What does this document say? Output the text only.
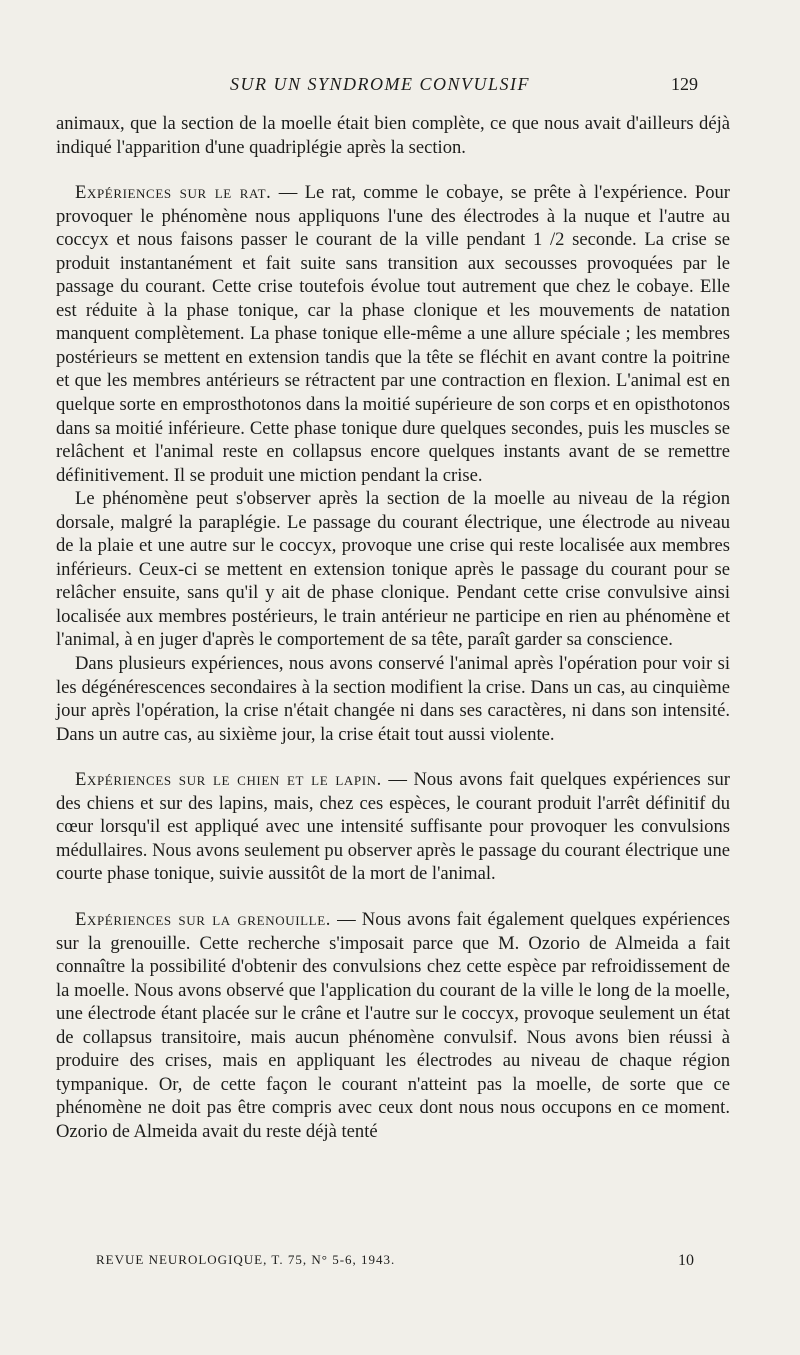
SUR UN SYNDROME CONVULSIF	129

animaux, que la section de la moelle était bien complète, ce que nous avait d'ailleurs déjà indiqué l'apparition d'une quadriplégie après la section.

Expériences sur le rat. — Le rat, comme le cobaye, se prête à l'expérience. Pour provoquer le phénomène nous appliquons l'une des électrodes à la nuque et l'autre au coccyx et nous faisons passer le courant de la ville pendant 1 /2 seconde. La crise se produit instantanément et fait suite sans transition aux secousses provoquées par le passage du courant. Cette crise toutefois évolue tout autrement que chez le cobaye. Elle est réduite à la phase tonique, car la phase clonique et les mouvements de natation manquent complètement. La phase tonique elle-même a une allure spéciale ; les membres postérieurs se mettent en extension tandis que la tête se fléchit en avant contre la poitrine et que les membres antérieurs se rétractent par une contraction en flexion. L'animal est en quelque sorte en emprosthotonos dans la moitié supérieure de son corps et en opisthotonos dans sa moitié inférieure. Cette phase tonique dure quelques secondes, puis les muscles se relâchent et l'animal reste en collapsus encore quelques instants avant de se remettre définitivement. Il se produit une miction pendant la crise.

Le phénomène peut s'observer après la section de la moelle au niveau de la région dorsale, malgré la paraplégie. Le passage du courant électrique, une électrode au niveau de la plaie et une autre sur le coccyx, provoque une crise qui reste localisée aux membres inférieurs. Ceux-ci se mettent en extension tonique après le passage du courant pour se relâcher ensuite, sans qu'il y ait de phase clonique. Pendant cette crise convulsive ainsi localisée aux membres postérieurs, le train antérieur ne participe en rien au phénomène et l'animal, à en juger d'après le comportement de sa tête, paraît garder sa conscience.

Dans plusieurs expériences, nous avons conservé l'animal après l'opération pour voir si les dégénérescences secondaires à la section modifient la crise. Dans un cas, au cinquième jour après l'opération, la crise n'était changée ni dans ses caractères, ni dans son intensité. Dans un autre cas, au sixième jour, la crise était tout aussi violente.

Expériences sur le chien et le lapin. — Nous avons fait quelques expériences sur des chiens et sur des lapins, mais, chez ces espèces, le courant produit l'arrêt définitif du cœur lorsqu'il est appliqué avec une intensité suffisante pour provoquer les convulsions médullaires. Nous avons seulement pu observer après le passage du courant électrique une courte phase tonique, suivie aussitôt de la mort de l'animal.

Expériences sur la grenouille. — Nous avons fait également quelques expériences sur la grenouille. Cette recherche s'imposait parce que M. Ozorio de Almeida a fait connaître la possibilité d'obtenir des convulsions chez cette espèce par refroidissement de la moelle. Nous avons observé que l'application du courant de la ville le long de la moelle, une électrode étant placée sur le crâne et l'autre sur le coccyx, provoque seulement un état de collapsus transitoire, mais aucun phénomène convulsif. Nous avons bien réussi à produire des crises, mais en appliquant les électrodes au niveau de chaque région tympanique. Or, de cette façon le courant n'atteint pas la moelle, de sorte que ce phénomène ne doit pas être compris avec ceux dont nous nous occupons en ce moment. Ozorio de Almeida avait du reste déjà tenté

REVUE NEUROLOGIQUE, T. 75, N° 5-6, 1943.	10
